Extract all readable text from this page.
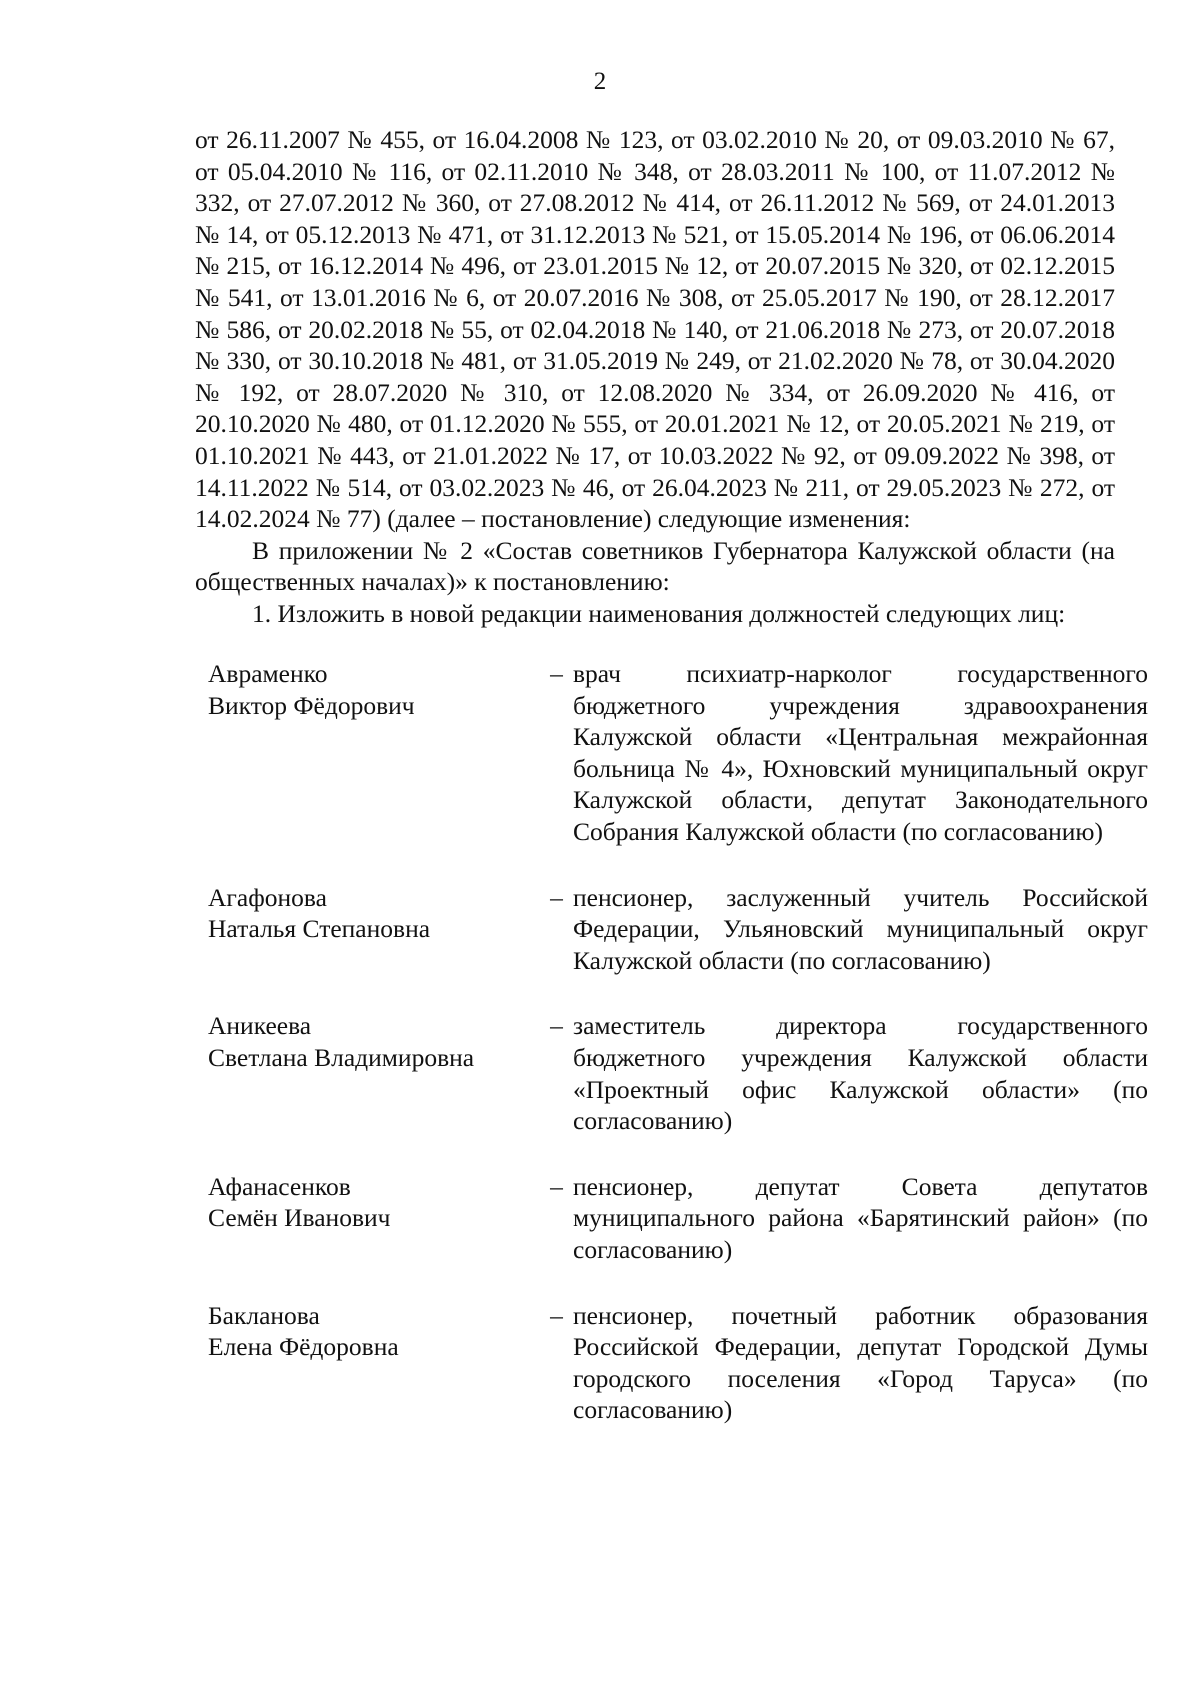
2

от 26.11.2007 № 455, от 16.04.2008 № 123, от 03.02.2010 № 20, от 09.03.2010 № 67, от 05.04.2010 № 116, от 02.11.2010 № 348, от 28.03.2011 № 100, от 11.07.2012 № 332, от 27.07.2012 № 360, от 27.08.2012 № 414, от 26.11.2012 № 569, от 24.01.2013 № 14, от 05.12.2013 № 471, от 31.12.2013 № 521, от 15.05.2014 № 196, от 06.06.2014 № 215, от 16.12.2014 № 496, от 23.01.2015 № 12, от 20.07.2015 № 320, от 02.12.2015 № 541, от 13.01.2016 № 6, от 20.07.2016 № 308, от 25.05.2017 № 190, от 28.12.2017 № 586, от 20.02.2018 № 55, от 02.04.2018 № 140, от 21.06.2018 № 273, от 20.07.2018 № 330, от 30.10.2018 № 481, от 31.05.2019 № 249, от 21.02.2020 № 78, от 30.04.2020 № 192, от 28.07.2020 № 310, от 12.08.2020 № 334, от 26.09.2020 № 416, от 20.10.2020 № 480, от 01.12.2020 № 555, от 20.01.2021 № 12, от 20.05.2021 № 219, от 01.10.2021 № 443, от 21.01.2022 № 17, от 10.03.2022 № 92, от 09.09.2022 № 398, от 14.11.2022 № 514, от 03.02.2023 № 46, от 26.04.2023 № 211, от 29.05.2023 № 272, от 14.02.2024 № 77) (далее – постановление) следующие изменения:

В приложении № 2 «Состав советников Губернатора Калужской области (на общественных началах)» к постановлению:

1. Изложить в новой редакции наименования должностей следующих лиц:

Авраменко
Виктор Фёдорович
– врач психиатр-нарколог государственного бюджетного учреждения здравоохранения Калужской области «Центральная межрайонная больница № 4», Юхновский муниципальный округ Калужской области, депутат Законодательного Собрания Калужской области (по согласованию)
Агафонова
Наталья Степановна
– пенсионер, заслуженный учитель Российской Федерации, Ульяновский муниципальный округ Калужской области (по согласованию)
Аникеева
Светлана Владимировна
– заместитель директора государственного бюджетного учреждения Калужской области «Проектный офис Калужской области» (по согласованию)
Афанасенков
Семён Иванович
– пенсионер, депутат Совета депутатов муниципального района «Барятинский район» (по согласованию)
Бакланова
Елена Фёдоровна
– пенсионер, почетный работник образования Российской Федерации, депутат Городской Думы городского поселения «Город Таруса» (по согласованию)
